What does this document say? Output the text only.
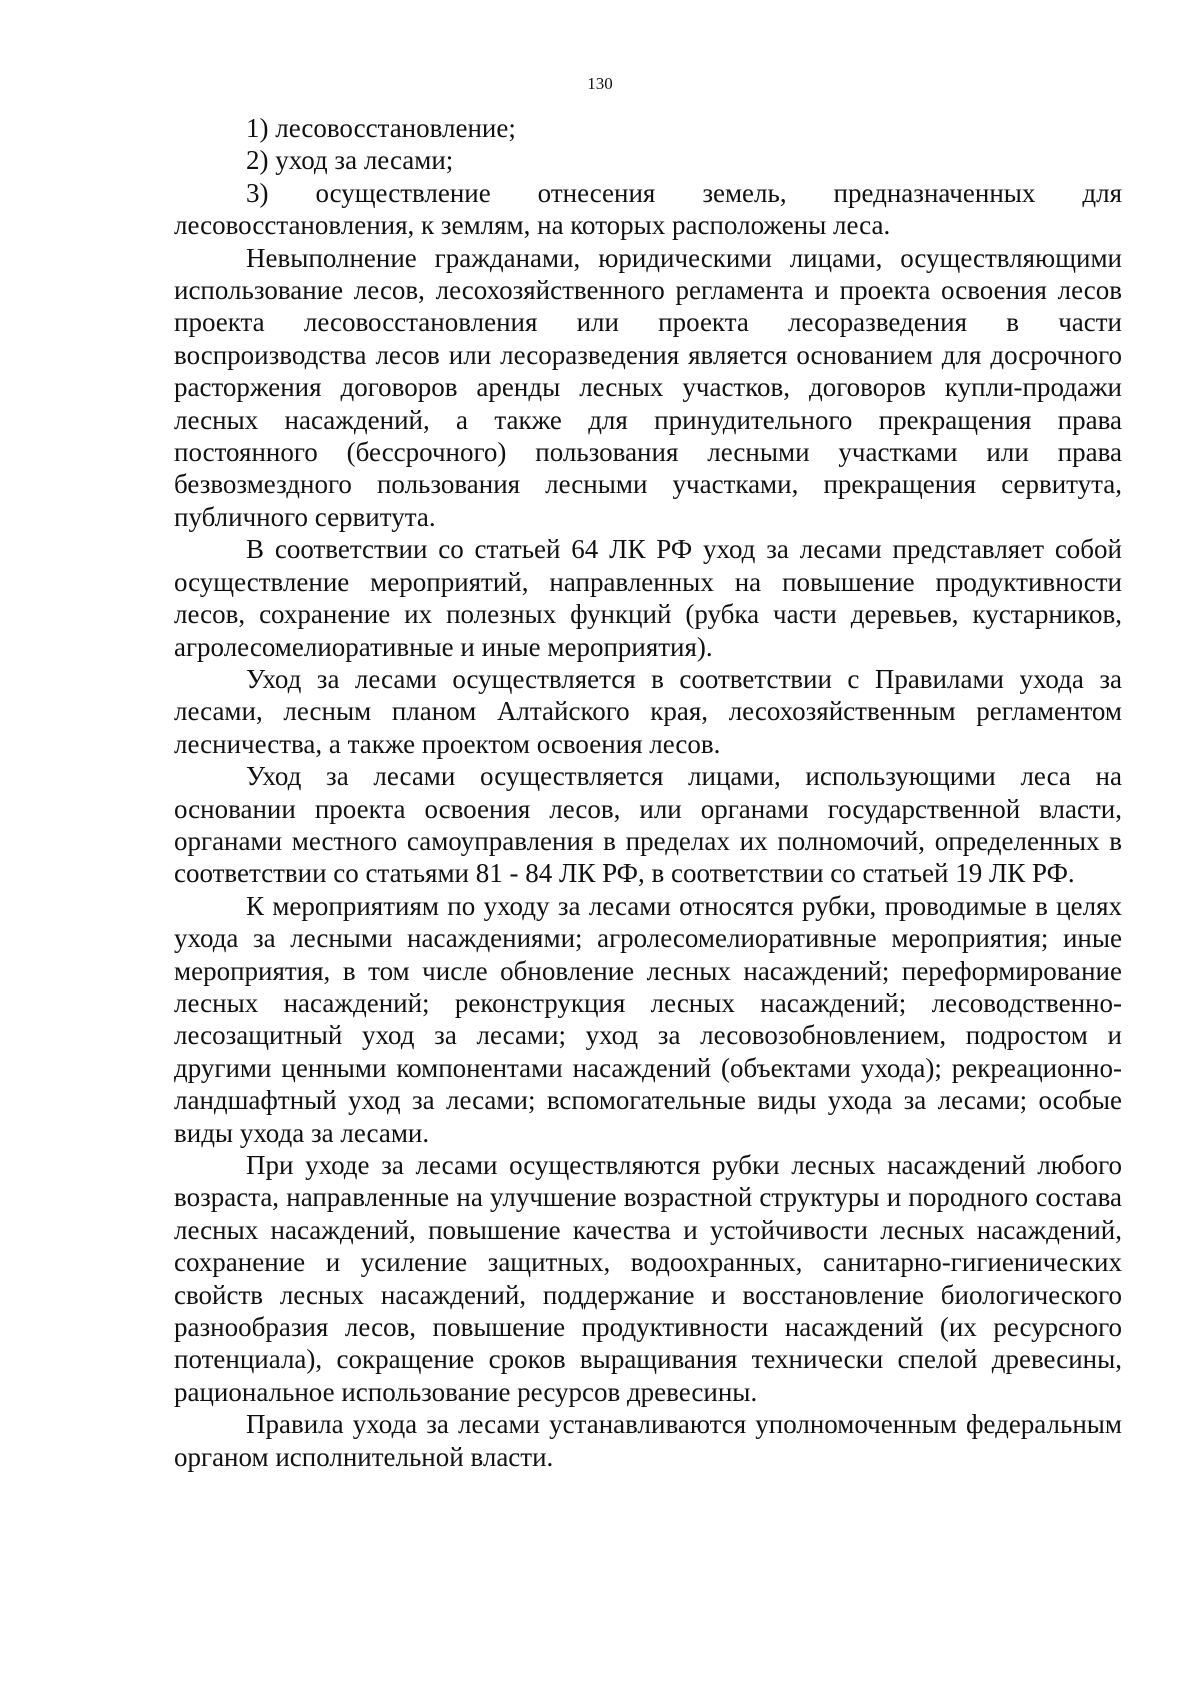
130

1) лесовосстановление;

2) уход за лесами;

3) осуществление отнесения земель, предназначенных для лесовосстановления, к землям, на которых расположены леса.

Невыполнение гражданами, юридическими лицами, осуществляющими использование лесов, лесохозяйственного регламента и проекта освоения лесов проекта лесовосстановления или проекта лесоразведения в части воспроизводства лесов или лесоразведения является основанием для досрочного расторжения договоров аренды лесных участков, договоров купли-продажи лесных насаждений, а также для принудительного прекращения права постоянного (бессрочного) пользования лесными участками или права безвозмездного пользования лесными участками, прекращения сервитута, публичного сервитута.

В соответствии со статьей 64 ЛК РФ уход за лесами представляет собой осуществление мероприятий, направленных на повышение продуктивности лесов, сохранение их полезных функций (рубка части деревьев, кустарников, агролесомелиоративные и иные мероприятия).

Уход за лесами осуществляется в соответствии с Правилами ухода за лесами, лесным планом Алтайского края, лесохозяйственным регламентом лесничества, а также проектом освоения лесов.

Уход за лесами осуществляется лицами, использующими леса на основании проекта освоения лесов, или органами государственной власти, органами местного самоуправления в пределах их полномочий, определенных в соответствии со статьями 81 - 84 ЛК РФ, в соответствии со статьей 19 ЛК РФ.

К мероприятиям по уходу за лесами относятся рубки, проводимые в целях ухода за лесными насаждениями; агролесомелиоративные мероприятия; иные мероприятия, в том числе обновление лесных насаждений; переформирование лесных насаждений; реконструкция лесных насаждений; лесоводственно-лесозащитный уход за лесами; уход за лесовозобновлением, подростом и другими ценными компонентами насаждений (объектами ухода); рекреационно-ландшафтный уход за лесами; вспомогательные виды ухода за лесами; особые виды ухода за лесами.

При уходе за лесами осуществляются рубки лесных насаждений любого возраста, направленные на улучшение возрастной структуры и породного состава лесных насаждений, повышение качества и устойчивости лесных насаждений, сохранение и усиление защитных, водоохранных, санитарно-гигиенических свойств лесных насаждений, поддержание и восстановление биологического разнообразия лесов, повышение продуктивности насаждений (их ресурсного потенциала), сокращение сроков выращивания технически спелой древесины, рациональное использование ресурсов древесины.

Правила ухода за лесами устанавливаются уполномоченным федеральным органом исполнительной власти.
